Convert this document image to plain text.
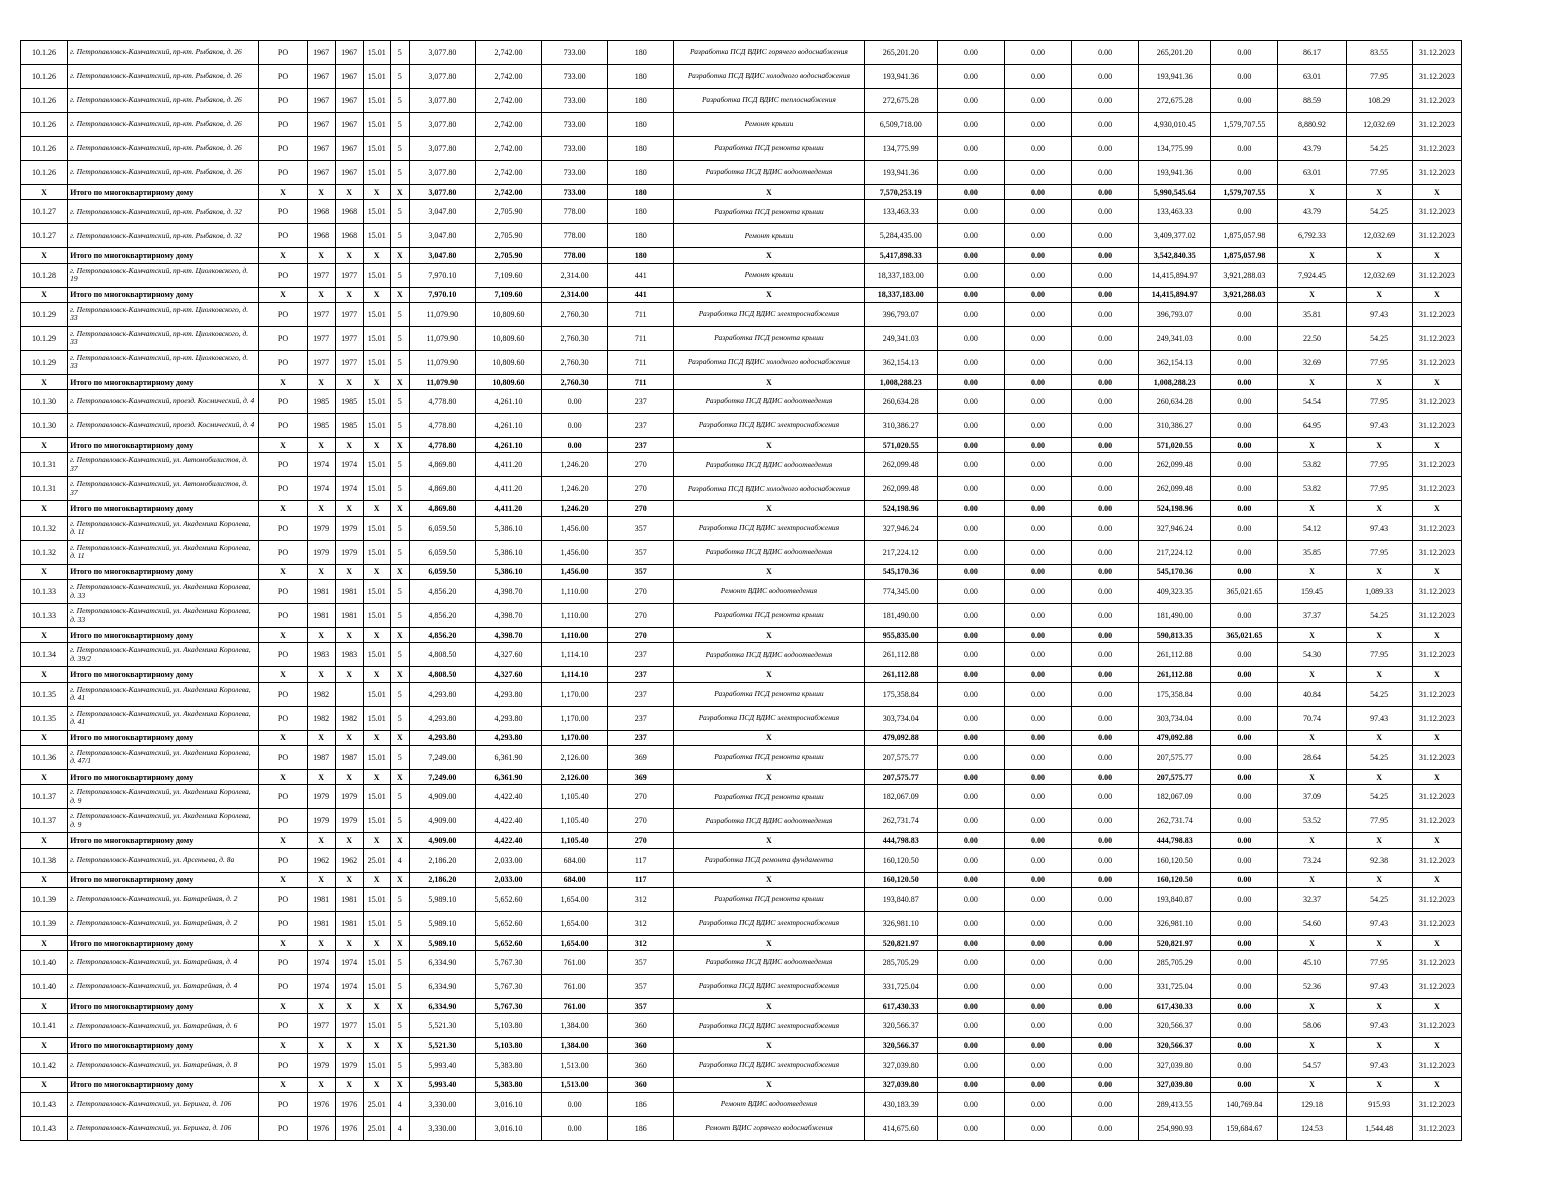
10.1.26	г. Петропавловск-Камчатский, пр-кт. Рыбаков, д. 26	РО	1967	1967	15.01	5	3,077.80	2,742.00	733.00	180	Разработка ПСД ВДИС горячего водоснабжения	265,201.20	0.00	0.00	0.00	265,201.20	0.00	86.17	83.55	31.12.2023
10.1.26	г. Петропавловск-Камчатский, пр-кт. Рыбаков, д. 26	РО	1967	1967	15.01	5	3,077.80	2,742.00	733.00	180	Разработка ПСД ВДИС холодного водоснабжения	193,941.36	0.00	0.00	0.00	193,941.36	0.00	63.01	77.95	31.12.2023
10.1.26	г. Петропавловск-Камчатский, пр-кт. Рыбаков, д. 26	РО	1967	1967	15.01	5	3,077.80	2,742.00	733.00	180	Разработка ПСД ВДИС теплоснабжения	272,675.28	0.00	0.00	0.00	272,675.28	0.00	88.59	108.29	31.12.2023
10.1.26	г. Петропавловск-Камчатский, пр-кт. Рыбаков, д. 26	РО	1967	1967	15.01	5	3,077.80	2,742.00	733.00	180	Ремонт крыши	6,509,718.00	0.00	0.00	0.00	4,930,010.45	1,579,707.55	8,880.92	12,032.69	31.12.2023
10.1.26	г. Петропавловск-Камчатский, пр-кт. Рыбаков, д. 26	РО	1967	1967	15.01	5	3,077.80	2,742.00	733.00	180	Разработка ПСД ремонта крыши	134,775.99	0.00	0.00	0.00	134,775.99	0.00	43.79	54.25	31.12.2023
10.1.26	г. Петропавловск-Камчатский, пр-кт. Рыбаков, д. 26	РО	1967	1967	15.01	5	3,077.80	2,742.00	733.00	180	Разработка ПСД ВДИС водоотведения	193,941.36	0.00	0.00	0.00	193,941.36	0.00	63.01	77.95	31.12.2023
X	Итого по многоквартирному дому	X	X	X	X	X	3,077.80	2,742.00	733.00	180	X	7,570,253.19	0.00	0.00	0.00	5,990,545.64	1,579,707.55	X	X	X
10.1.27	г. Петропавловск-Камчатский, пр-кт. Рыбаков, д. 32	РО	1968	1968	15.01	5	3,047.80	2,705.90	778.00	180	Разработка ПСД ремонта крыши	133,463.33	0.00	0.00	0.00	133,463.33	0.00	43.79	54.25	31.12.2023
10.1.27	г. Петропавловск-Камчатский, пр-кт. Рыбаков, д. 32	РО	1968	1968	15.01	5	3,047.80	2,705.90	778.00	180	Ремонт крыши	5,284,435.00	0.00	0.00	0.00	3,409,377.02	1,875,057.98	6,792.33	12,032.69	31.12.2023
X	Итого по многоквартирному дому	X	X	X	X	X	3,047.80	2,705.90	778.00	180	X	5,417,898.33	0.00	0.00	0.00	3,542,840.35	1,875,057.98	X	X	X
10.1.28	г. Петропавловск-Камчатский, пр-кт. Циолковского, д. 19	РО	1977	1977	15.01	5	7,970.10	7,109.60	2,314.00	441	Ремонт крыши	18,337,183.00	0.00	0.00	0.00	14,415,894.97	3,921,288.03	7,924.45	12,032.69	31.12.2023
X	Итого по многоквартирному дому	X	X	X	X	X	7,970.10	7,109.60	2,314.00	441	X	18,337,183.00	0.00	0.00	0.00	14,415,894.97	3,921,288.03	X	X	X
10.1.29	г. Петропавловск-Камчатский, пр-кт. Циолковского, д. 33	РО	1977	1977	15.01	5	11,079.90	10,809.60	2,760.30	711	Разработка ПСД ВДИС электроснабжения	396,793.07	0.00	0.00	0.00	396,793.07	0.00	35.81	97.43	31.12.2023
10.1.29	г. Петропавловск-Камчатский, пр-кт. Циолковского, д. 33	РО	1977	1977	15.01	5	11,079.90	10,809.60	2,760.30	711	Разработка ПСД ремонта крыши	249,341.03	0.00	0.00	0.00	249,341.03	0.00	22.50	54.25	31.12.2023
10.1.29	г. Петропавловск-Камчатский, пр-кт. Циолковского, д. 33	РО	1977	1977	15.01	5	11,079.90	10,809.60	2,760.30	711	Разработка ПСД ВДИС холодного водоснабжения	362,154.13	0.00	0.00	0.00	362,154.13	0.00	32.69	77.95	31.12.2023
X	Итого по многоквартирному дому	X	X	X	X	X	11,079.90	10,809.60	2,760.30	711	X	1,008,288.23	0.00	0.00	0.00	1,008,288.23	0.00	X	X	X
10.1.30	г. Петропавловск-Камчатский, проезд. Космический, д. 4	РО	1985	1985	15.01	5	4,778.80	4,261.10	0.00	237	Разработка ПСД ВДИС водоотведения	260,634.28	0.00	0.00	0.00	260,634.28	0.00	54.54	77.95	31.12.2023
10.1.30	г. Петропавловск-Камчатский, проезд. Космический, д. 4	РО	1985	1985	15.01	5	4,778.80	4,261.10	0.00	237	Разработка ПСД ВДИС электроснабжения	310,386.27	0.00	0.00	0.00	310,386.27	0.00	64.95	97.43	31.12.2023
X	Итого по многоквартирному дому	X	X	X	X	X	4,778.80	4,261.10	0.00	237	X	571,020.55	0.00	0.00	0.00	571,020.55	0.00	X	X	X
10.1.31	г. Петропавловск-Камчатский, ул. Автомобилистов, д. 37	РО	1974	1974	15.01	5	4,869.80	4,411.20	1,246.20	270	Разработка ПСД ВДИС водоотведения	262,099.48	0.00	0.00	0.00	262,099.48	0.00	53.82	77.95	31.12.2023
10.1.31	г. Петропавловск-Камчатский, ул. Автомобилистов, д. 37	РО	1974	1974	15.01	5	4,869.80	4,411.20	1,246.20	270	Разработка ПСД ВДИС холодного водоснабжения	262,099.48	0.00	0.00	0.00	262,099.48	0.00	53.82	77.95	31.12.2023
X	Итого по многоквартирному дому	X	X	X	X	X	4,869.80	4,411.20	1,246.20	270	X	524,198.96	0.00	0.00	0.00	524,198.96	0.00	X	X	X
10.1.32	г. Петропавловск-Камчатский, ул. Академика Королева, д. 11	РО	1979	1979	15.01	5	6,059.50	5,386.10	1,456.00	357	Разработка ПСД ВДИС электроснабжения	327,946.24	0.00	0.00	0.00	327,946.24	0.00	54.12	97.43	31.12.2023
10.1.32	г. Петропавловск-Камчатский, ул. Академика Королева, д. 11	РО	1979	1979	15.01	5	6,059.50	5,386.10	1,456.00	357	Разработка ПСД ВДИС водоотведения	217,224.12	0.00	0.00	0.00	217,224.12	0.00	35.85	77.95	31.12.2023
X	Итого по многоквартирному дому	X	X	X	X	X	6,059.50	5,386.10	1,456.00	357	X	545,170.36	0.00	0.00	0.00	545,170.36	0.00	X	X	X
10.1.33	г. Петропавловск-Камчатский, ул. Академика Королева, д. 33	РО	1981	1981	15.01	5	4,856.20	4,398.70	1,110.00	270	Ремонт ВДИС водоотведения	774,345.00	0.00	0.00	0.00	409,323.35	365,021.65	159.45	1,089.33	31.12.2023
10.1.33	г. Петропавловск-Камчатский, ул. Академика Королева, д. 33	РО	1981	1981	15.01	5	4,856.20	4,398.70	1,110.00	270	Разработка ПСД ремонта крыши	181,490.00	0.00	0.00	0.00	181,490.00	0.00	37.37	54.25	31.12.2023
X	Итого по многоквартирному дому	X	X	X	X	X	4,856.20	4,398.70	1,110.00	270	X	955,835.00	0.00	0.00	0.00	590,813.35	365,021.65	X	X	X
10.1.34	г. Петропавловск-Камчатский, ул. Академика Королева, д. 39/2	РО	1983	1983	15.01	5	4,808.50	4,327.60	1,114.10	237	Разработка ПСД ВДИС водоотведения	261,112.88	0.00	0.00	0.00	261,112.88	0.00	54.30	77.95	31.12.2023
X	Итого по многоквартирному дому	X	X	X	X	X	4,808.50	4,327.60	1,114.10	237	X	261,112.88	0.00	0.00	0.00	261,112.88	0.00	X	X	X
10.1.35	г. Петропавловск-Камчатский, ул. Академика Королева, д. 41	РО	1982		15.01	5	4,293.80	4,293.80	1,170.00	237	Разработка ПСД ремонта крыши	175,358.84	0.00	0.00	0.00	175,358.84	0.00	40.84	54.25	31.12.2023
10.1.35	г. Петропавловск-Камчатский, ул. Академика Королева, д. 41	РО	1982	1982	15.01	5	4,293.80	4,293.80	1,170.00	237	Разработка ПСД ВДИС электроснабжения	303,734.04	0.00	0.00	0.00	303,734.04	0.00	70.74	97.43	31.12.2023
X	Итого по многоквартирному дому	X	X	X	X	X	4,293.80	4,293.80	1,170.00	237	X	479,092.88	0.00	0.00	0.00	479,092.88	0.00	X	X	X
10.1.36	г. Петропавловск-Камчатский, ул. Академика Королева, д. 47/1	РО	1987	1987	15.01	5	7,249.00	6,361.90	2,126.00	369	Разработка ПСД ремонта крыши	207,575.77	0.00	0.00	0.00	207,575.77	0.00	28.64	54.25	31.12.2023
X	Итого по многоквартирному дому	X	X	X	X	X	7,249.00	6,361.90	2,126.00	369	X	207,575.77	0.00	0.00	0.00	207,575.77	0.00	X	X	X
10.1.37	г. Петропавловск-Камчатский, ул. Академика Королева, д. 9	РО	1979	1979	15.01	5	4,909.00	4,422.40	1,105.40	270	Разработка ПСД ремонта крыши	182,067.09	0.00	0.00	0.00	182,067.09	0.00	37.09	54.25	31.12.2023
10.1.37	г. Петропавловск-Камчатский, ул. Академика Королева, д. 9	РО	1979	1979	15.01	5	4,909.00	4,422.40	1,105.40	270	Разработка ПСД ВДИС водоотведения	262,731.74	0.00	0.00	0.00	262,731.74	0.00	53.52	77.95	31.12.2023
X	Итого по многоквартирному дому	X	X	X	X	X	4,909.00	4,422.40	1,105.40	270	X	444,798.83	0.00	0.00	0.00	444,798.83	0.00	X	X	X
10.1.38	г. Петропавловск-Камчатский, ул. Арсеньева, д. 8а	РО	1962	1962	25.01	4	2,186.20	2,033.00	684.00	117	Разработка ПСД ремонта фундамента	160,120.50	0.00	0.00	0.00	160,120.50	0.00	73.24	92.38	31.12.2023
X	Итого по многоквартирному дому	X	X	X	X	X	2,186.20	2,033.00	684.00	117	X	160,120.50	0.00	0.00	0.00	160,120.50	0.00	X	X	X
10.1.39	г. Петропавловск-Камчатский, ул. Батарейная, д. 2	РО	1981	1981	15.01	5	5,989.10	5,652.60	1,654.00	312	Разработка ПСД ремонта крыши	193,840.87	0.00	0.00	0.00	193,840.87	0.00	32.37	54.25	31.12.2023
10.1.39	г. Петропавловск-Камчатский, ул. Батарейная, д. 2	РО	1981	1981	15.01	5	5,989.10	5,652.60	1,654.00	312	Разработка ПСД ВДИС электроснабжения	326,981.10	0.00	0.00	0.00	326,981.10	0.00	54.60	97.43	31.12.2023
X	Итого по многоквартирному дому	X	X	X	X	X	5,989.10	5,652.60	1,654.00	312	X	520,821.97	0.00	0.00	0.00	520,821.97	0.00	X	X	X
10.1.40	г. Петропавловск-Камчатский, ул. Батарейная, д. 4	РО	1974	1974	15.01	5	6,334.90	5,767.30	761.00	357	Разработка ПСД ВДИС водоотведения	285,705.29	0.00	0.00	0.00	285,705.29	0.00	45.10	77.95	31.12.2023
10.1.40	г. Петропавловск-Камчатский, ул. Батарейная, д. 4	РО	1974	1974	15.01	5	6,334.90	5,767.30	761.00	357	Разработка ПСД ВДИС электроснабжения	331,725.04	0.00	0.00	0.00	331,725.04	0.00	52.36	97.43	31.12.2023
X	Итого по многоквартирному дому	X	X	X	X	X	6,334.90	5,767.30	761.00	357	X	617,430.33	0.00	0.00	0.00	617,430.33	0.00	X	X	X
10.1.41	г. Петропавловск-Камчатский, ул. Батарейная, д. 6	РО	1977	1977	15.01	5	5,521.30	5,103.80	1,384.00	360	Разработка ПСД ВДИС электроснабжения	320,566.37	0.00	0.00	0.00	320,566.37	0.00	58.06	97.43	31.12.2023
X	Итого по многоквартирному дому	X	X	X	X	X	5,521.30	5,103.80	1,384.00	360	X	320,566.37	0.00	0.00	0.00	320,566.37	0.00	X	X	X
10.1.42	г. Петропавловск-Камчатский, ул. Батарейная, д. 8	РО	1979	1979	15.01	5	5,993.40	5,383.80	1,513.00	360	Разработка ПСД ВДИС электроснабжения	327,039.80	0.00	0.00	0.00	327,039.80	0.00	54.57	97.43	31.12.2023
X	Итого по многоквартирному дому	X	X	X	X	X	5,993.40	5,383.80	1,513.00	360	X	327,039.80	0.00	0.00	0.00	327,039.80	0.00	X	X	X
10.1.43	г. Петропавловск-Камчатский, ул. Беринга, д. 106	РО	1976	1976	25.01	4	3,330.00	3,016.10	0.00	186	Ремонт ВДИС водоотведения	430,183.39	0.00	0.00	0.00	289,413.55	140,769.84	129.18	915.93	31.12.2023
10.1.43	г. Петропавловск-Камчатский, ул. Беринга, д. 106	РО	1976	1976	25.01	4	3,330.00	3,016.10	0.00	186	Ремонт ВДИС горячего водоснабжения	414,675.60	0.00	0.00	0.00	254,990.93	159,684.67	124.53	1,544.48	31.12.2023
